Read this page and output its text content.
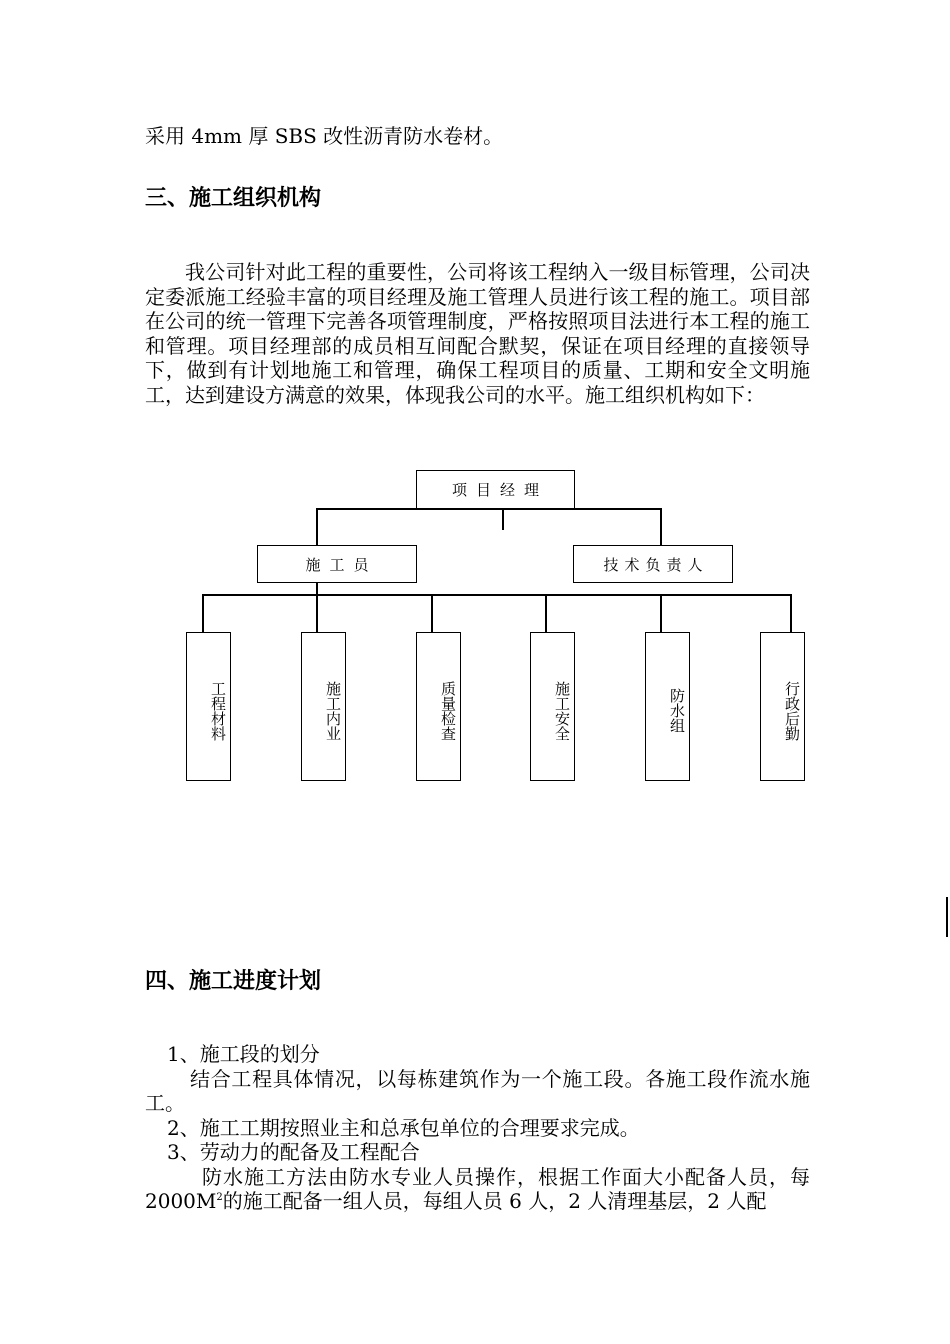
采用 4mm 厚 SBS 改性沥青防水卷材。
三、施工组织机构
我公司针对此工程的重要性，公司将该工程纳入一级目标管理，公司决定委派施工经验丰富的项目经理及施工管理人员进行该工程的施工。项目部在公司的统一管理下完善各项管理制度，严格按照项目法进行本工程的施工和管理。项目经理部的成员相互间配合默契，保证在项目经理的直接领导下，做到有计划地施工和管理，确保工程项目的质量、工期和安全文明施工，达到建设方满意的效果，体现我公司的水平。施工组织机构如下：
项目经理
施工员	技术负责人
工程材料	施工内业	质量检查	施工安全	防水组	行政后勤
四、施工进度计划
1、施工段的划分
结合工程具体情况，以每栋建筑作为一个施工段。各施工段作流水施工。
2、施工工期按照业主和总承包单位的合理要求完成。
3、劳动力的配备及工程配合
防水施工方法由防水专业人员操作，根据工作面大小配备人员，每 $2000M^2$的施工配备一组人员，每组人员 6 人，2 人清理基层，2 人配
